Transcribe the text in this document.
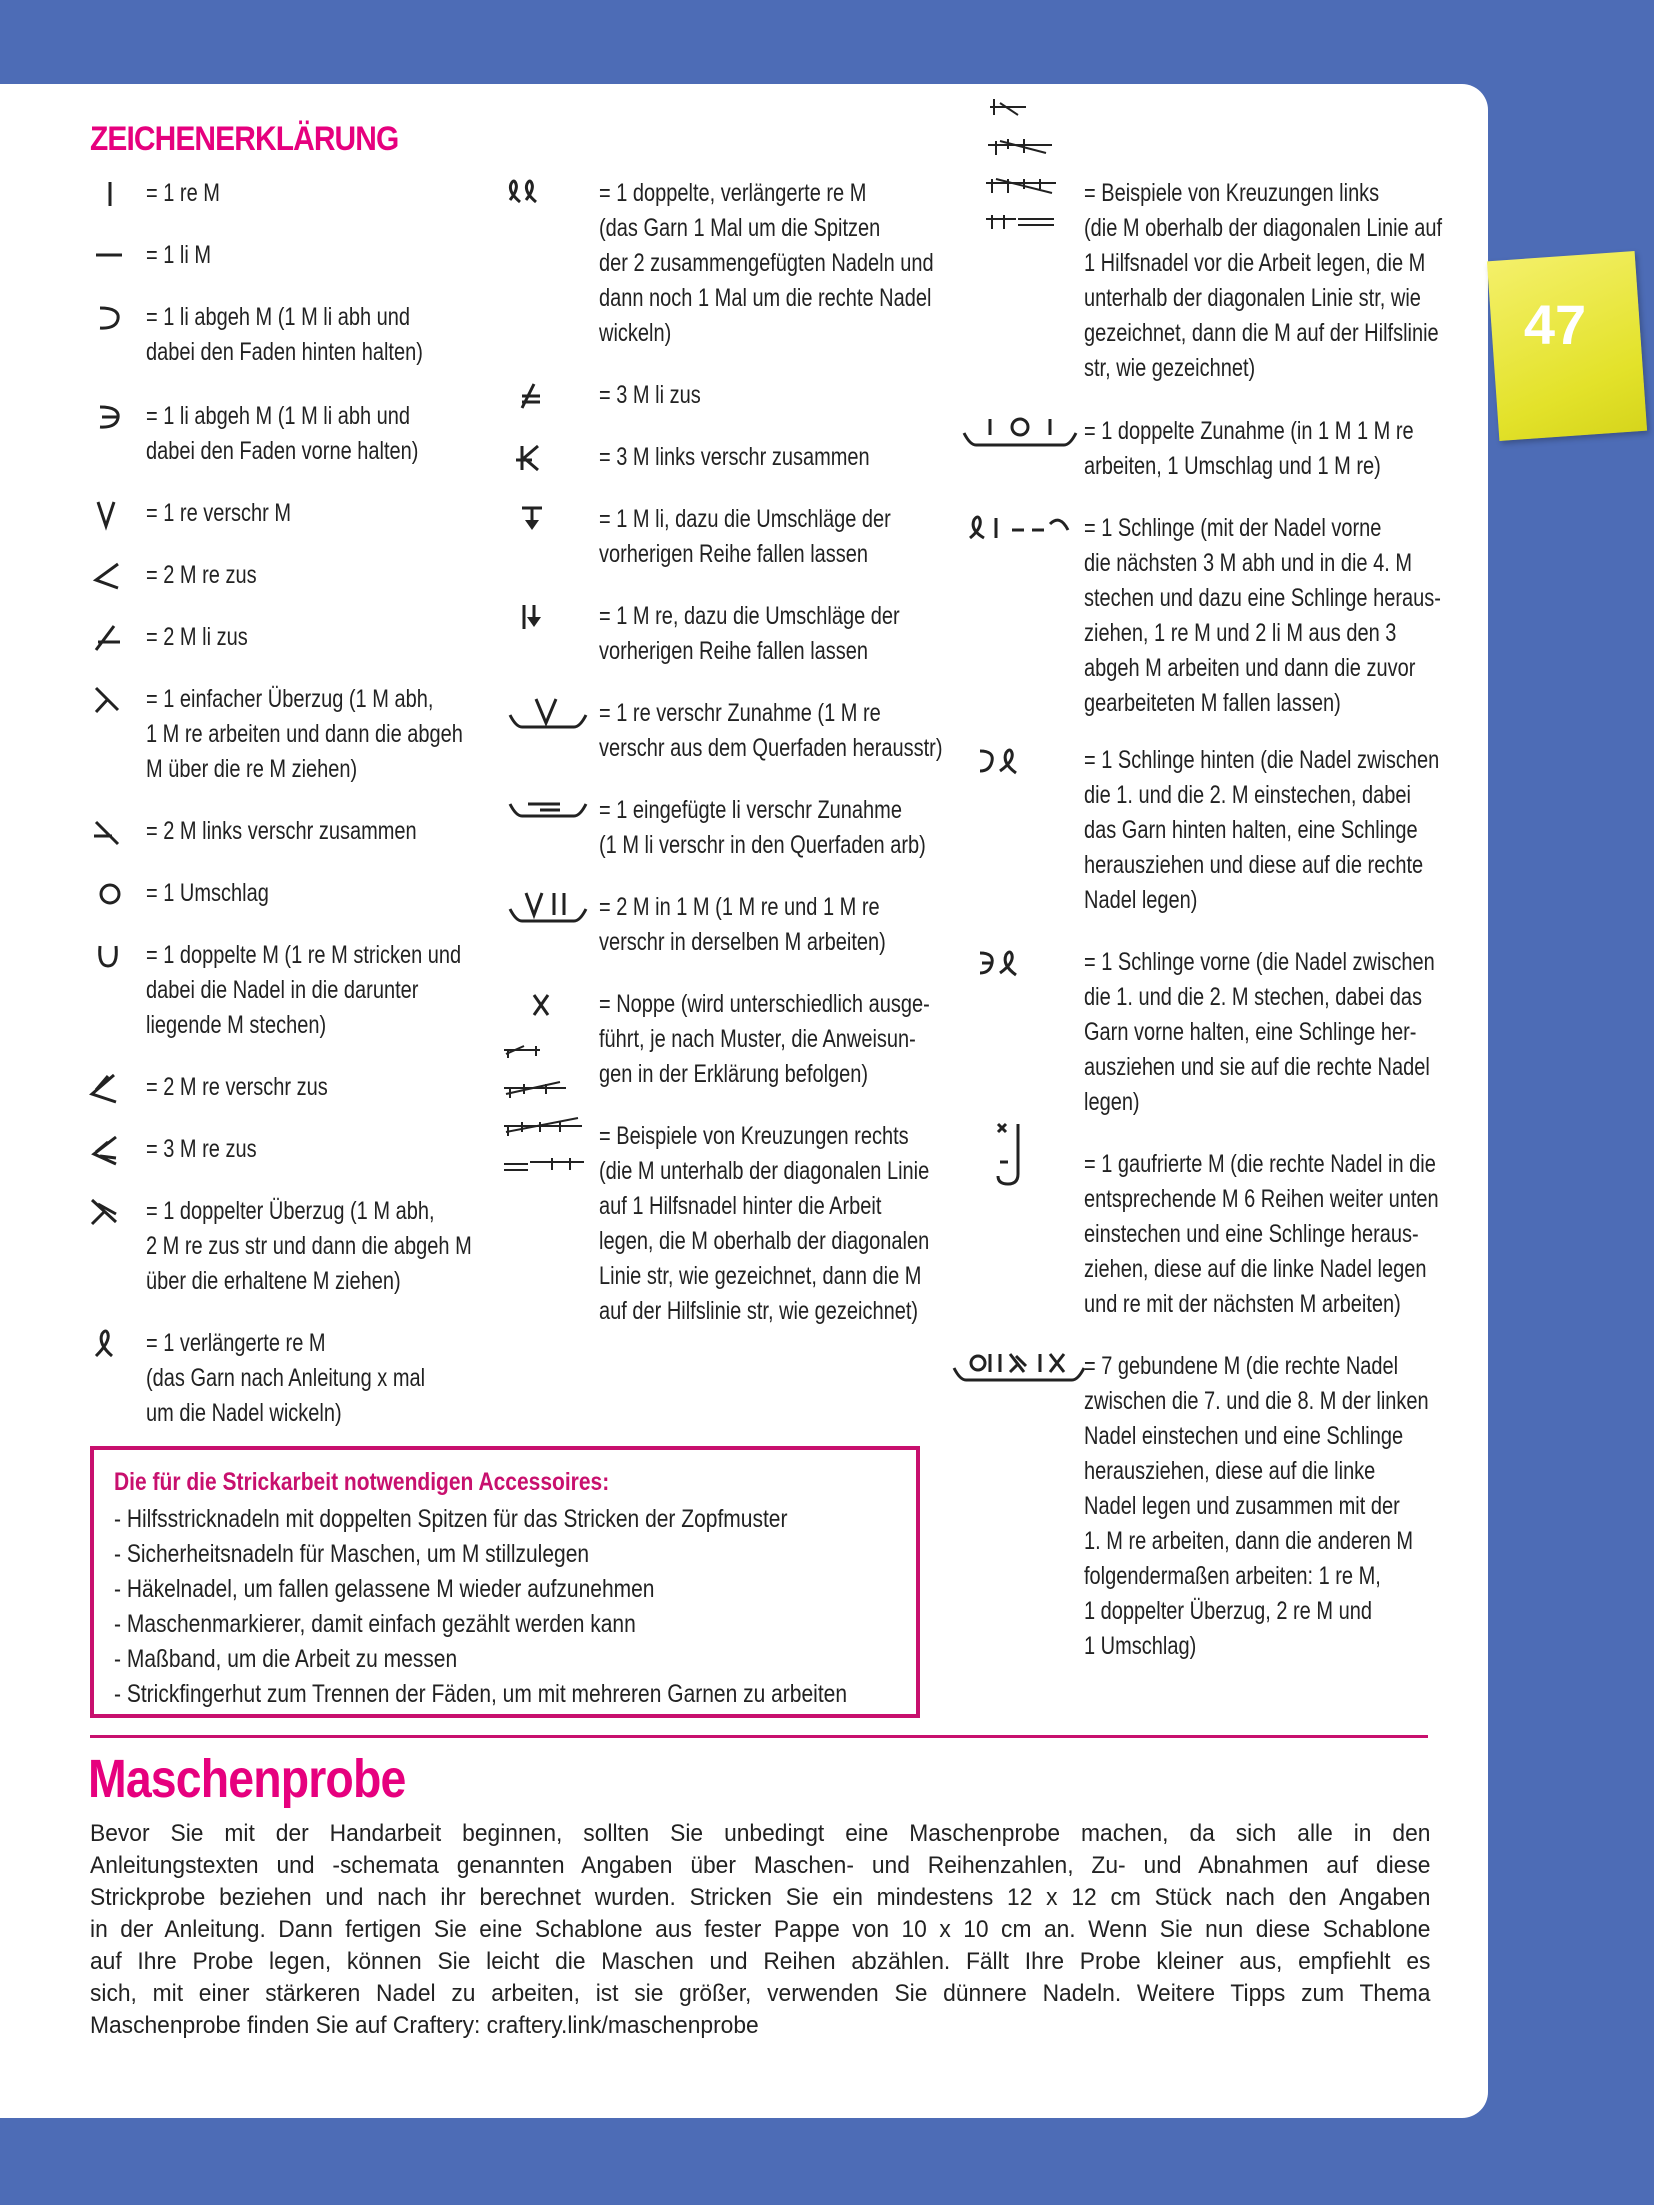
47
ZEICHENERKLÄRUNG
= 1 re M
= 1 li M
= 1 li abgeh M (1 M li abh und
dabei den Faden hinten halten)
= 1 li abgeh M (1 M li abh und
dabei den Faden vorne halten)
= 1 re verschr M
= 2 M re zus
= 2 M li zus
= 1 einfacher Überzug (1 M abh,
1 M re arbeiten und dann die abgeh
M über die re M ziehen)
= 2 M links verschr zusammen
= 1 Umschlag
= 1 doppelte M (1 re M stricken und
dabei die Nadel in die darunter
liegende M stechen)
= 2 M re verschr zus
= 3 M re zus
= 1 doppelter Überzug (1 M abh,
2 M re zus str und dann die abgeh M
über die erhaltene M ziehen)
= 1 verlängerte re M
(das Garn nach Anleitung x mal
um die Nadel wickeln)
= 1 doppelte, verlängerte re M
(das Garn 1 Mal um die Spitzen
der 2 zusammengefügten Nadeln und
dann noch 1 Mal um die rechte Nadel
wickeln)
= 3 M li zus
= 3 M links verschr zusammen
= 1 M li, dazu die Umschläge der
vorherigen Reihe fallen lassen
= 1 M re, dazu die Umschläge der
vorherigen Reihe fallen lassen
= 1 re verschr Zunahme (1 M re
verschr aus dem Querfaden herausstr)
= 1 eingefügte li verschr Zunahme
(1 M li verschr in den Querfaden arb)
= 2 M in 1 M (1 M re und 1 M re
verschr in derselben M arbeiten)
= Noppe (wird unterschiedlich ausge-
führt, je nach Muster, die Anweisun-
gen in der Erklärung befolgen)
= Beispiele von Kreuzungen rechts
(die M unterhalb der diagonalen Linie
auf 1 Hilfsnadel hinter die Arbeit
legen, die M oberhalb der diagonalen
Linie str, wie gezeichnet, dann die M
auf der Hilfslinie str, wie gezeichnet)
= Beispiele von Kreuzungen links
(die M oberhalb der diagonalen Linie auf
1 Hilfsnadel vor die Arbeit legen, die M
unterhalb der diagonalen Linie str, wie
gezeichnet, dann die M auf der Hilfslinie
str, wie gezeichnet)
= 1 doppelte Zunahme (in 1 M 1 M re
arbeiten, 1 Umschlag und 1 M re)
= 1 Schlinge (mit der Nadel vorne
die nächsten 3 M abh und in die 4. M
stechen und dazu eine Schlinge heraus-
ziehen, 1 re M und 2 li M aus den 3
abgeh M arbeiten und dann die zuvor
gearbeiteten M fallen lassen)
= 1 Schlinge hinten (die Nadel zwischen
die 1. und die 2. M einstechen, dabei
das Garn hinten halten, eine Schlinge
herausziehen und diese auf die rechte
Nadel legen)
= 1 Schlinge vorne (die Nadel zwischen
die 1. und die 2. M stechen, dabei das
Garn vorne halten, eine Schlinge her-
ausziehen und sie auf die rechte Nadel
legen)
= 1 gaufrierte M (die rechte Nadel in die
entsprechende M 6 Reihen weiter unten
einstechen und eine Schlinge heraus-
ziehen, diese auf die linke Nadel legen
und re mit der nächsten M arbeiten)
= 7 gebundene M (die rechte Nadel
zwischen die 7. und die 8. M der linken
Nadel einstechen und eine Schlinge
herausziehen, diese auf die linke
Nadel legen und zusammen mit der
1. M re arbeiten, dann die anderen M
folgendermaßen arbeiten: 1 re M,
1 doppelter Überzug, 2 re M und
1 Umschlag)
Die für die Strickarbeit notwendigen Accessoires:
- Hilfsstricknadeln mit doppelten Spitzen für das Stricken der Zopfmuster
- Sicherheitsnadeln für Maschen, um M stillzulegen
- Häkelnadel, um fallen gelassene M wieder aufzunehmen
- Maschenmarkierer, damit einfach gezählt werden kann
- Maßband, um die Arbeit zu messen
- Strickfingerhut zum Trennen der Fäden, um mit mehreren Garnen zu arbeiten
Maschenprobe
Bevor Sie mit der Handarbeit beginnen, sollten Sie unbedingt eine Maschenprobe machen, da sich alle in den
Anleitungstexten und -schemata genannten Angaben über Maschen- und Reihenzahlen, Zu- und Abnahmen auf diese
Strickprobe beziehen und nach ihr berechnet wurden. Stricken Sie ein mindestens 12 x 12 cm Stück nach den Angaben
in der Anleitung. Dann fertigen Sie eine Schablone aus fester Pappe von 10 x 10 cm an. Wenn Sie nun diese Schablone
auf Ihre Probe legen, können Sie leicht die Maschen und Reihen abzählen. Fällt Ihre Probe kleiner aus, empfiehlt es
sich, mit einer stärkeren Nadel zu arbeiten, ist sie größer, verwenden Sie dünnere Nadeln. Weitere Tipps zum Thema
Maschenprobe finden Sie auf Craftery: craftery.link/maschenprobe
